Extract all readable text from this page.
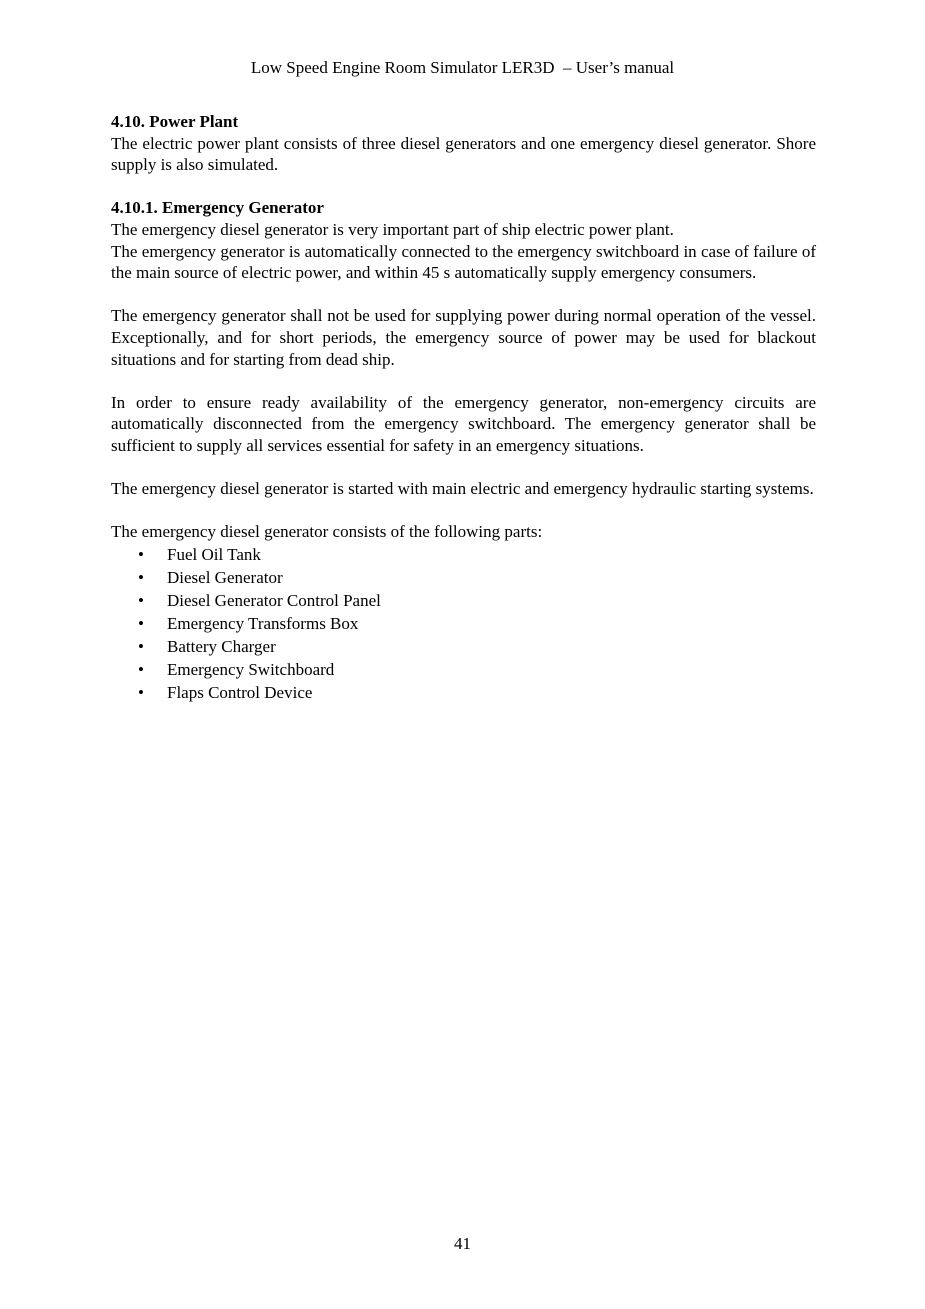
Low Speed Engine Room Simulator LER3D  – User’s manual
4.10. Power Plant

The electric power plant consists of three diesel generators and one emergency diesel generator. Shore supply is also simulated.

4.10.1. Emergency Generator

The emergency diesel generator is very important part of ship electric power plant.

The emergency generator is automatically connected to the emergency switchboard in case of failure of the main source of electric power, and within 45 s automatically supply emergency consumers.

The emergency generator shall not be used for supplying power during normal operation of the vessel. Exceptionally, and for short periods, the emergency source of power may be used for blackout situations and for starting from dead ship.

In order to ensure ready availability of the emergency generator, non-emergency circuits are automatically disconnected from the emergency switchboard. The emergency generator shall be sufficient to supply all services essential for safety in an emergency situations.

The emergency diesel generator is started with main electric and emergency hydraulic starting systems.

The emergency diesel generator consists of the following parts:

• Fuel Oil Tank
• Diesel Generator
• Diesel Generator Control Panel
• Emergency Transforms Box
• Battery Charger
• Emergency Switchboard
• Flaps Control Device
41
